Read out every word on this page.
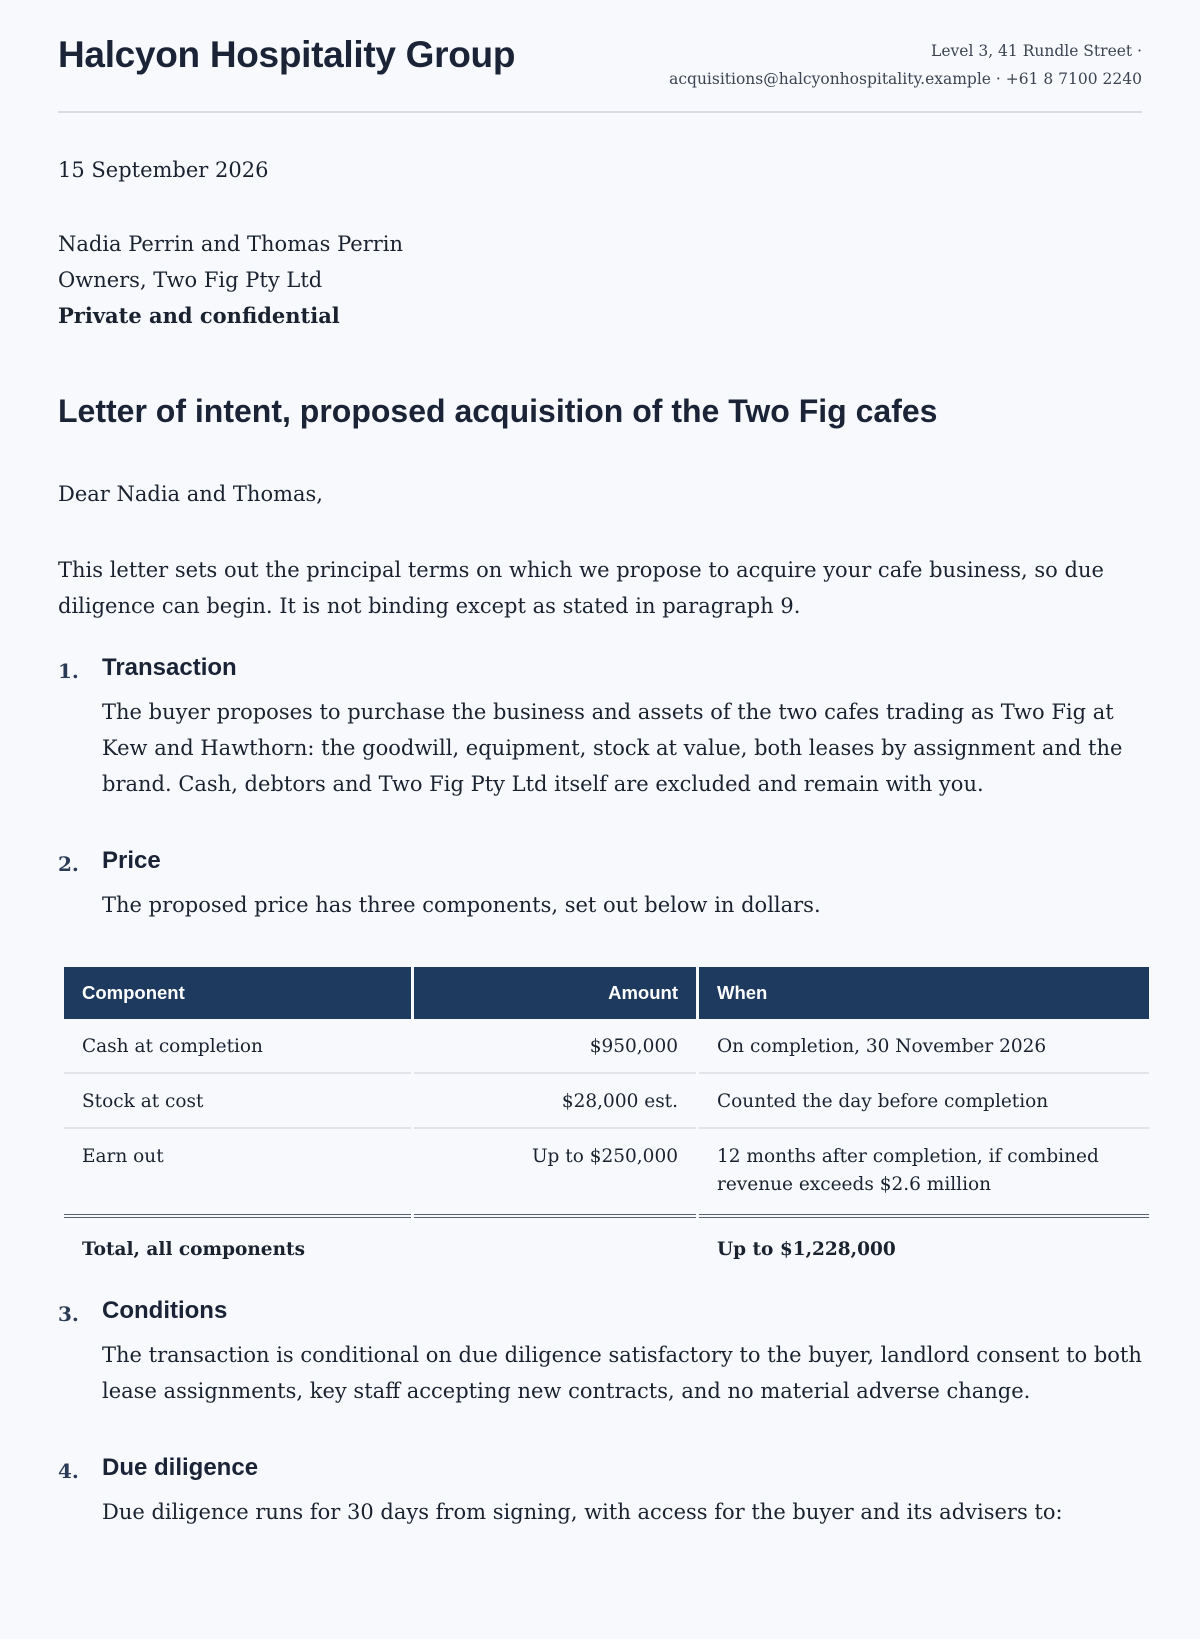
Halcyon Hospitality Group	Level 3, 41 Rundle Street ·
acquisitions@halcyonhospitality.example · +61 8 7100 2240
15 September 2026
Nadia Perrin and Thomas Perrin
Owners, Two Fig Pty Ltd
Private and confidential
Letter of intent, proposed acquisition of the Two Fig cafes
Dear Nadia and Thomas,

This letter sets out the principal terms on which we propose to acquire your cafe business, so due diligence can begin. It is not binding except as stated in paragraph 9.

1. Transaction

The buyer proposes to purchase the business and assets of the two cafes trading as Two Fig at Kew and Hawthorn: the goodwill, equipment, stock at value, both leases by assignment and the brand. Cash, debtors and Two Fig Pty Ltd itself are excluded and remain with you.

2. Price

The proposed price has three components, set out below in dollars.

Component	Amount	When
Cash at completion	$950,000	On completion, 30 November 2026
Stock at cost	$28,000 est.	Counted the day before completion
Earn out	Up to $250,000	12 months after completion, if combined revenue exceeds $2.6 million
Total, all components		Up to $1,228,000
3. Conditions

The transaction is conditional on due diligence satisfactory to the buyer, landlord consent to both lease assignments, key staff accepting new contracts, and no material adverse change.

4. Due diligence

Due diligence runs for 30 days from signing, with access for the buyer and its advisers to:
